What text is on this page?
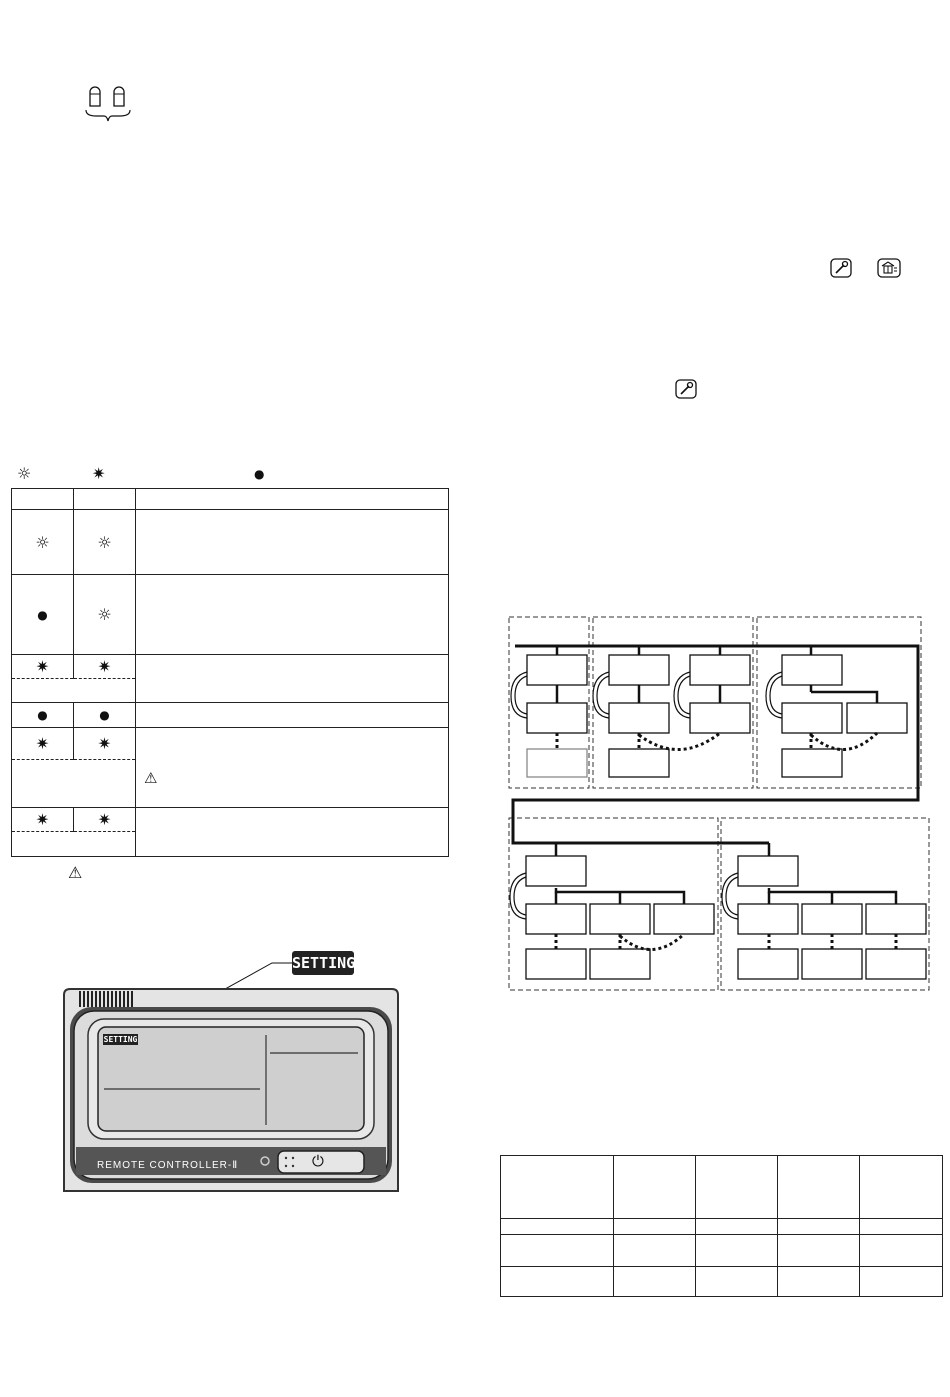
☼	✷	●

☼	☼	
●	☼	
✷	✷	

●	●	
✷	✷	⚠

✷	✷	

⚠
SETTING
SETTING
REMOTE CONTROLLER-Ⅱ	⏻
